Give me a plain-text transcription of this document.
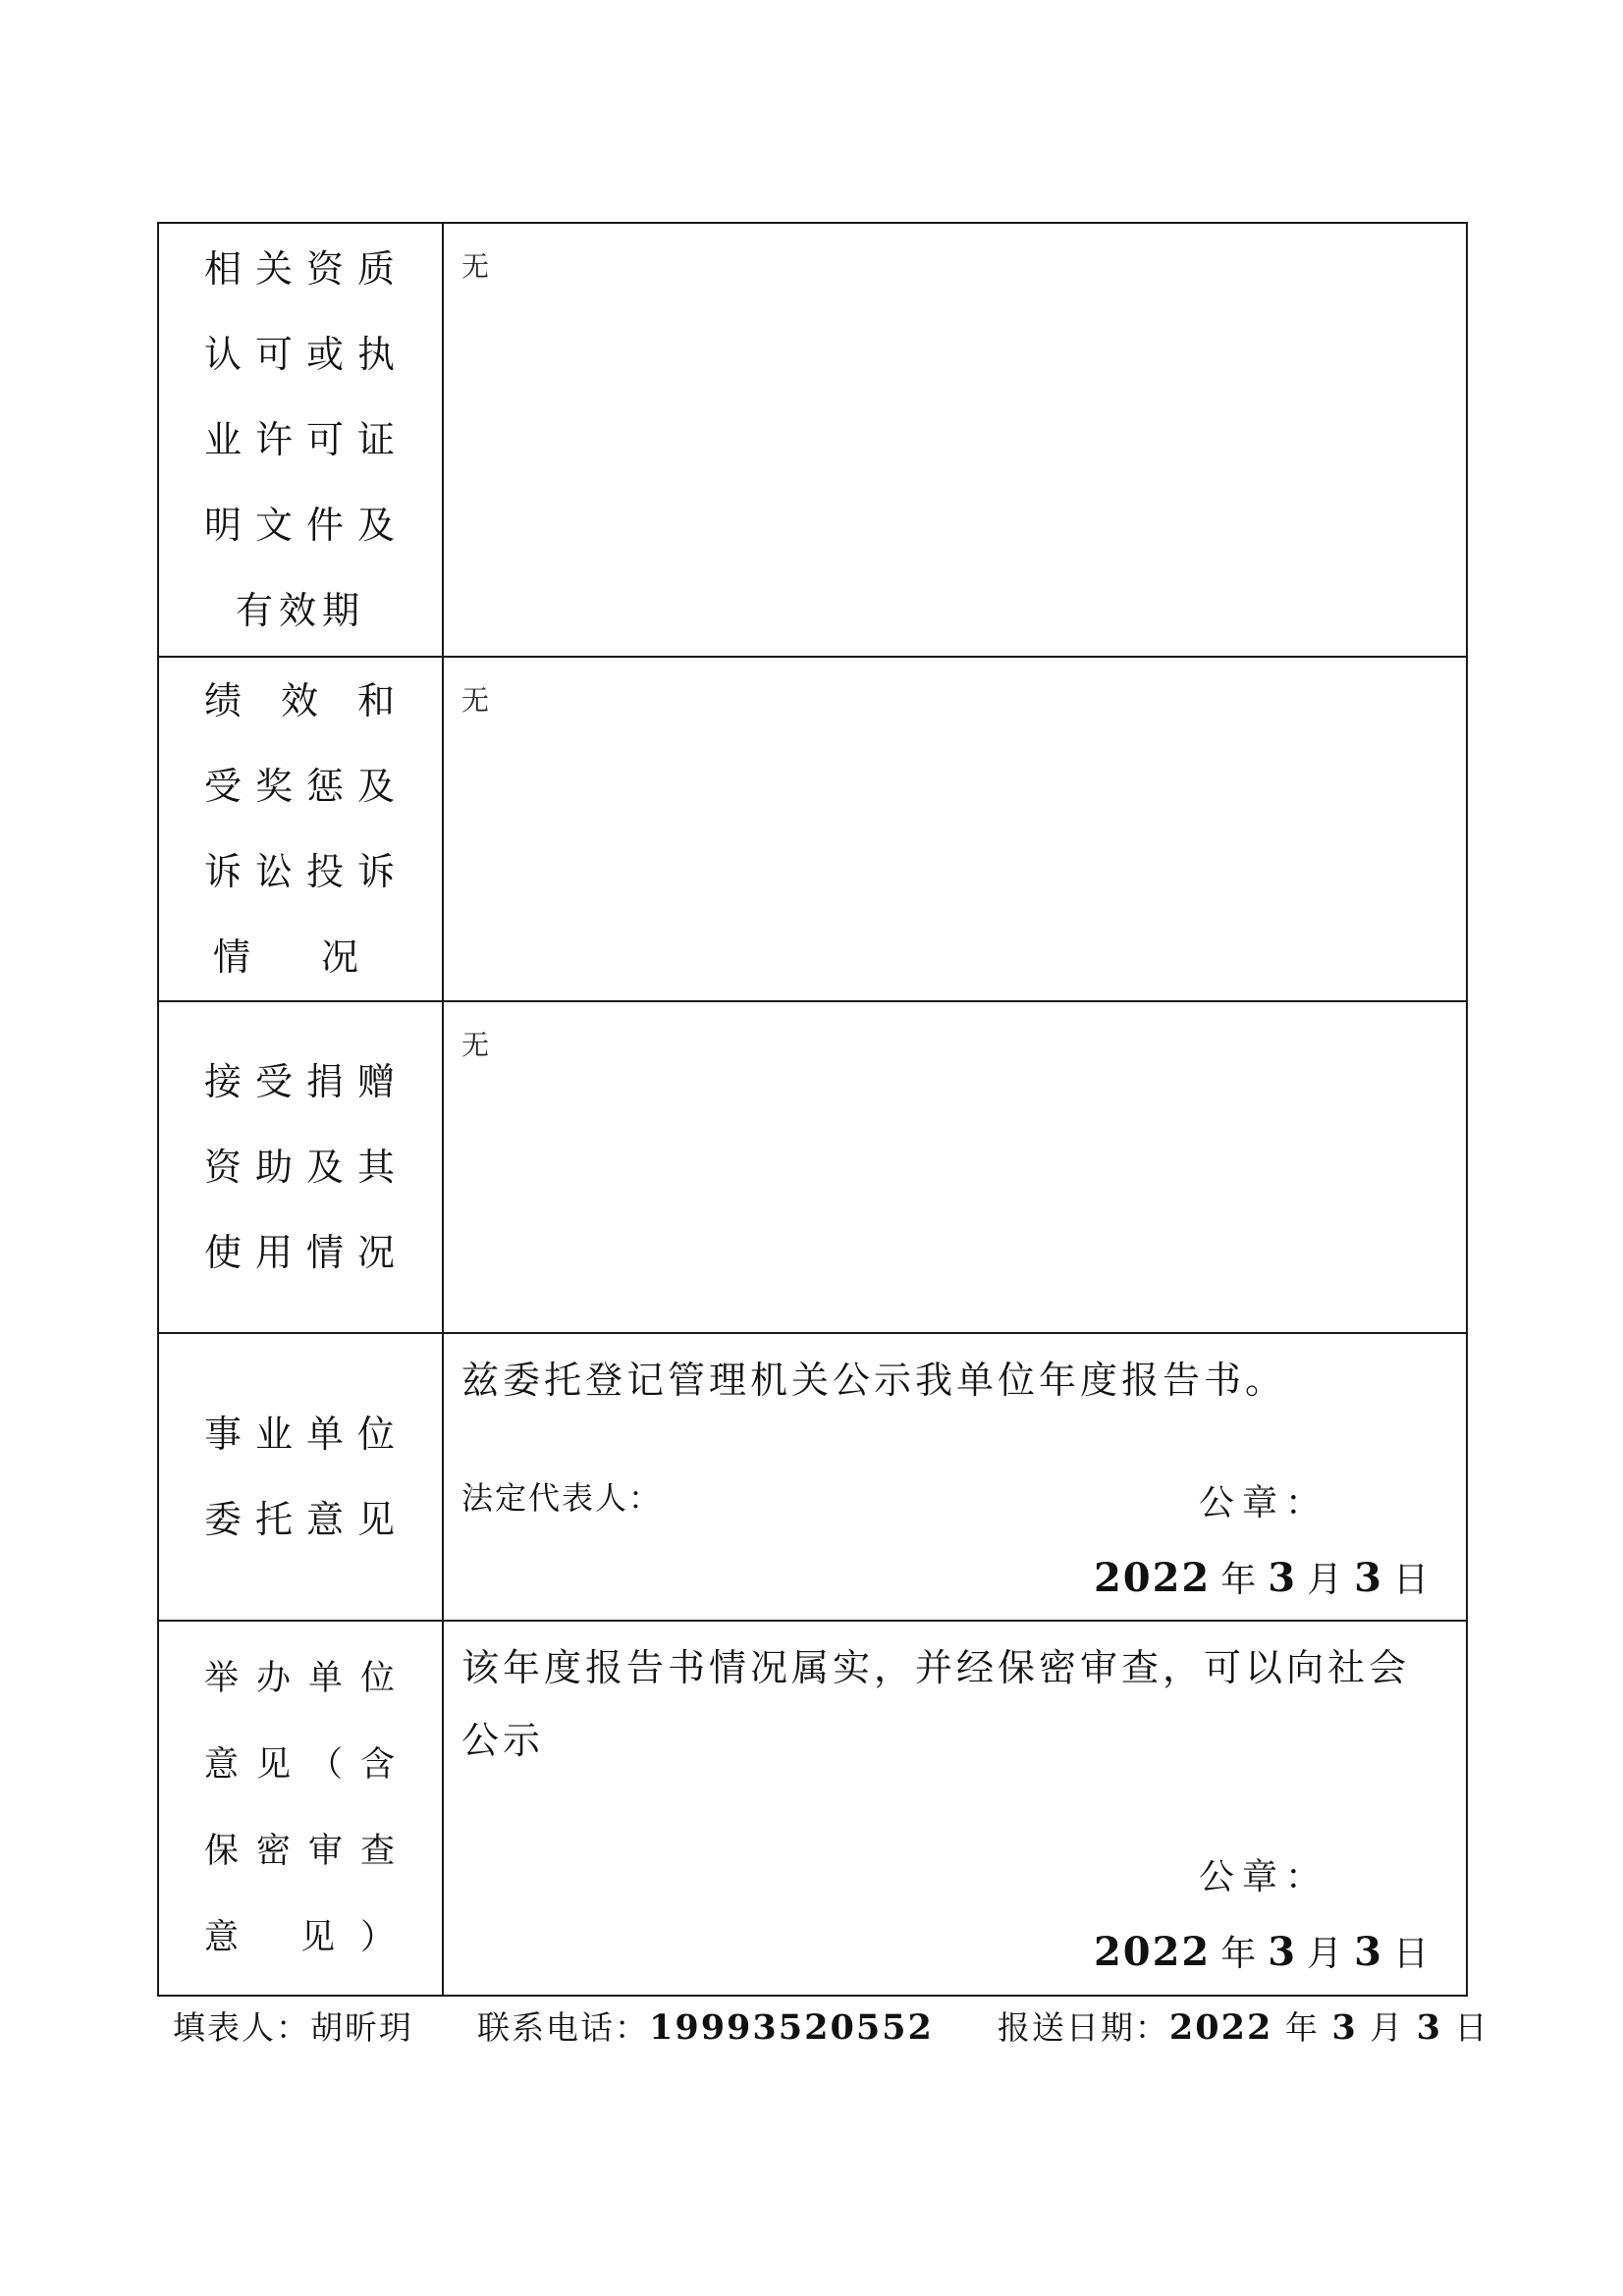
相关资质
认可或执
业许可证
明文件及
有效期	无

绩 效 和
受奖惩及
诉讼投诉
情 况	无

接受捐赠
资助及其
使用情况	无

事业单位
委托意见	兹委托登记管理机关公示我单位年度报告书。
法定代表人： 公章：
2022 年 3 月 3 日

举办单位
意见（含
保密审查
意 见）	该年度报告书情况属实，并经保密审查，可以向社会
公示
公章：
2022 年 3 月 3 日
填表人：胡昕玥 联系电话：19993520552 报送日期：2022 年 3 月 3 日
